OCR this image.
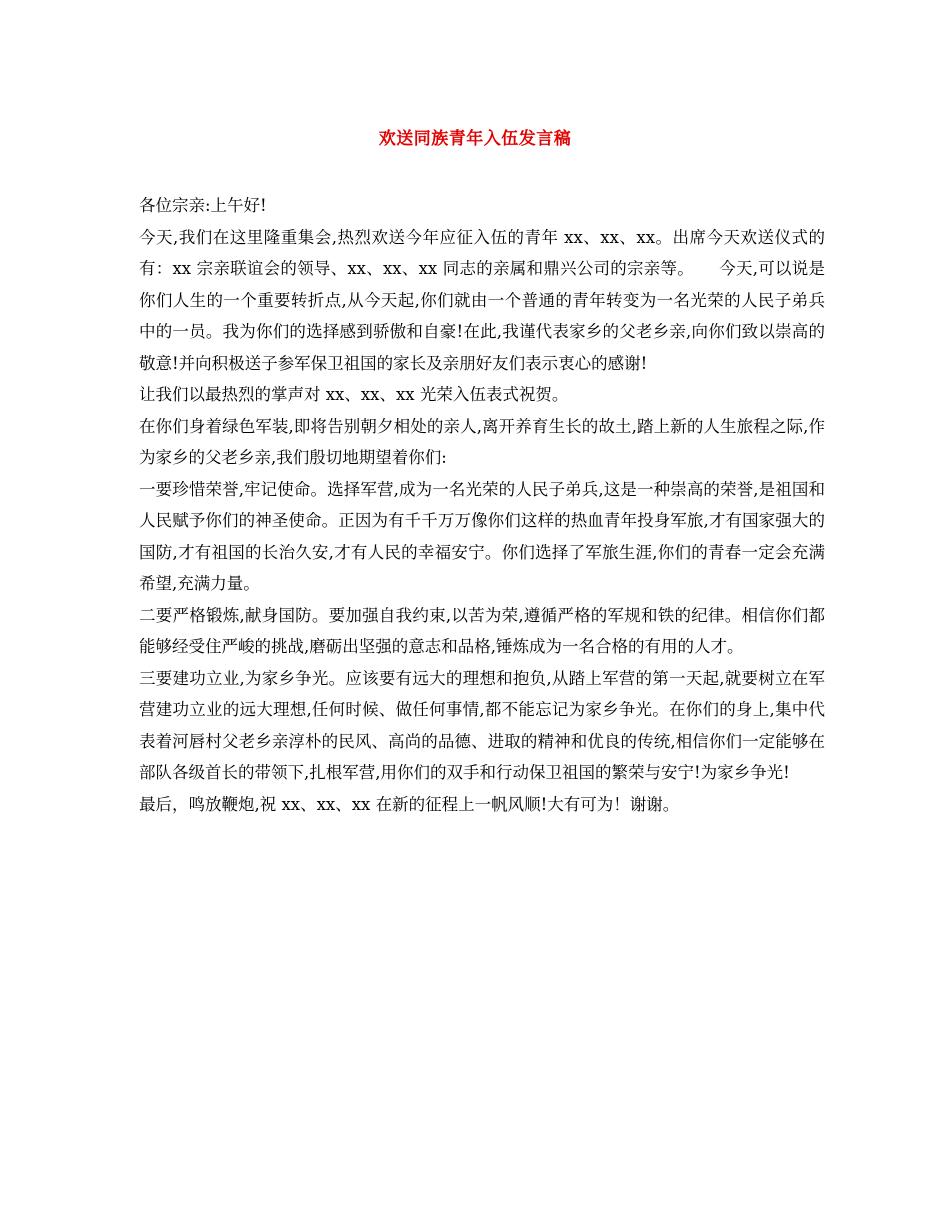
欢送同族青年入伍发言稿

各位宗亲:上午好!

今天,我们在这里隆重集会,热烈欢送今年应征入伍的青年 xx、xx、xx。出席今天欢送仪式的有：xx 宗亲联谊会的领导、xx、xx、xx 同志的亲属和鼎兴公司的宗亲等。　　今天,可以说是你们人生的一个重要转折点,从今天起,你们就由一个普通的青年转变为一名光荣的人民子弟兵中的一员。我为你们的选择感到骄傲和自豪!在此,我谨代表家乡的父老乡亲,向你们致以崇高的敬意!并向积极送子参军保卫祖国的家长及亲朋好友们表示衷心的感谢!

让我们以最热烈的掌声对 xx、xx、xx 光荣入伍表式祝贺。

在你们身着绿色军装,即将告别朝夕相处的亲人,离开养育生长的故土,踏上新的人生旅程之际,作为家乡的父老乡亲,我们殷切地期望着你们:

一要珍惜荣誉,牢记使命。选择军营,成为一名光荣的人民子弟兵,这是一种崇高的荣誉,是祖国和人民赋予你们的神圣使命。正因为有千千万万像你们这样的热血青年投身军旅,才有国家强大的国防,才有祖国的长治久安,才有人民的幸福安宁。你们选择了军旅生涯,你们的青春一定会充满希望,充满力量。

二要严格锻炼,献身国防。要加强自我约束,以苦为荣,遵循严格的军规和铁的纪律。相信你们都能够经受住严峻的挑战,磨砺出坚强的意志和品格,锤炼成为一名合格的有用的人才。

三要建功立业,为家乡争光。应该要有远大的理想和抱负,从踏上军营的第一天起,就要树立在军营建功立业的远大理想,任何时候、做任何事情,都不能忘记为家乡争光。在你们的身上,集中代表着河唇村父老乡亲淳朴的民风、高尚的品德、进取的精神和优良的传统,相信你们一定能够在部队各级首长的带领下,扎根军营,用你们的双手和行动保卫祖国的繁荣与安宁!为家乡争光!

最后，鸣放鞭炮,祝 xx、xx、xx 在新的征程上一帆风顺!大有可为！谢谢。
